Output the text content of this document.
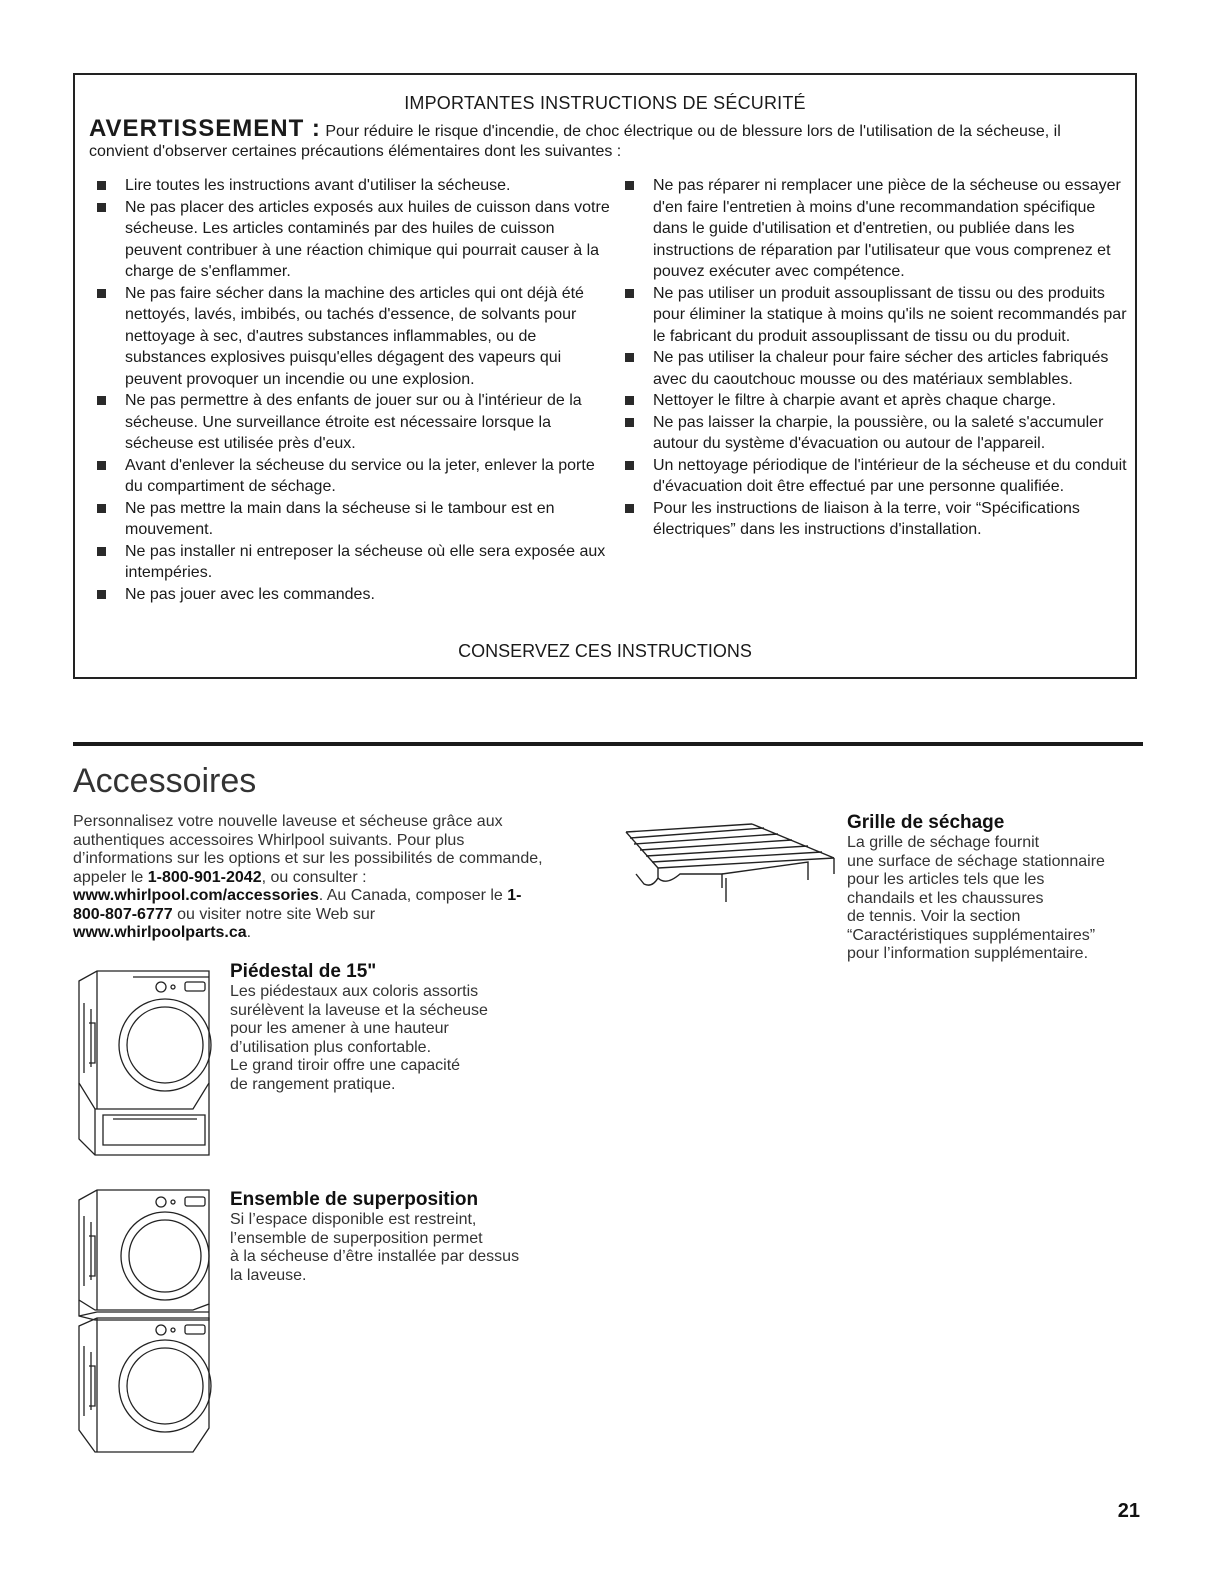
IMPORTANTES INSTRUCTIONS DE SÉCURITÉ
AVERTISSEMENT : Pour réduire le risque d'incendie, de choc électrique ou de blessure lors de l'utilisation de la sécheuse, il convient d'observer certaines précautions élémentaires dont les suivantes :
Lire toutes les instructions avant d'utiliser la sécheuse.
Ne pas placer des articles exposés aux huiles de cuisson dans votre sécheuse. Les articles contaminés par des huiles de cuisson peuvent contribuer à une réaction chimique qui pourrait causer à la charge de s'enflammer.
Ne pas faire sécher dans la machine des articles qui ont déjà été nettoyés, lavés, imbibés, ou tachés d'essence, de solvants pour nettoyage à sec, d'autres substances inflammables, ou de substances explosives puisqu'elles dégagent des vapeurs qui peuvent provoquer un incendie ou une explosion.
Ne pas permettre à des enfants de jouer sur ou à l'intérieur de la sécheuse. Une surveillance étroite est nécessaire lorsque la sécheuse est utilisée près d'eux.
Avant d'enlever la sécheuse du service ou la jeter, enlever la porte du compartiment de séchage.
Ne pas mettre la main dans la sécheuse si le tambour est en mouvement.
Ne pas installer ni entreposer la sécheuse où elle sera exposée aux intempéries.
Ne pas jouer avec les commandes.
Ne pas réparer ni remplacer une pièce de la sécheuse ou essayer d'en faire l'entretien à moins d'une recommandation spécifique dans le guide d'utilisation et d'entretien, ou publiée dans les instructions de réparation par l'utilisateur que vous comprenez et pouvez exécuter avec compétence.
Ne pas utiliser un produit assouplissant de tissu ou des produits pour éliminer la statique à moins qu'ils ne soient recommandés par le fabricant du produit assouplissant de tissu ou du produit.
Ne pas utiliser la chaleur pour faire sécher des articles fabriqués avec du caoutchouc mousse ou des matériaux semblables.
Nettoyer le filtre à charpie avant et après chaque charge.
Ne pas laisser la charpie, la poussière, ou la saleté s'accumuler autour du système d'évacuation ou autour de l'appareil.
Un nettoyage périodique de l'intérieur de la sécheuse et du conduit d'évacuation doit être effectué par une personne qualifiée.
Pour les instructions de liaison à la terre, voir “Spécifications électriques” dans les instructions d'installation.
CONSERVEZ CES INSTRUCTIONS
Accessoires
Personnalisez votre nouvelle laveuse et sécheuse grâce aux authentiques accessoires Whirlpool suivants. Pour plus d’informations sur les options et sur les possibilités de commande, appeler le 1-800-901-2042, ou consulter : www.whirlpool.com/accessories. Au Canada, composer le 1-800-807-6777 ou visiter notre site Web sur www.whirlpoolparts.ca.
Piédestal de 15"
Les piédestaux aux coloris assortis
surélèvent la laveuse et la sécheuse
pour les amener à une hauteur
d’utilisation plus confortable.
Le grand tiroir offre une capacité
de rangement pratique.
Ensemble de superposition
Si l’espace disponible est restreint,
l’ensemble de superposition permet
à la sécheuse d’être installée par dessus
la laveuse.
Grille de séchage
La grille de séchage fournit
une surface de séchage stationnaire
pour les articles tels que les
chandails et les chaussures
de tennis. Voir la section
“Caractéristiques supplémentaires”
pour l’information supplémentaire.
21
